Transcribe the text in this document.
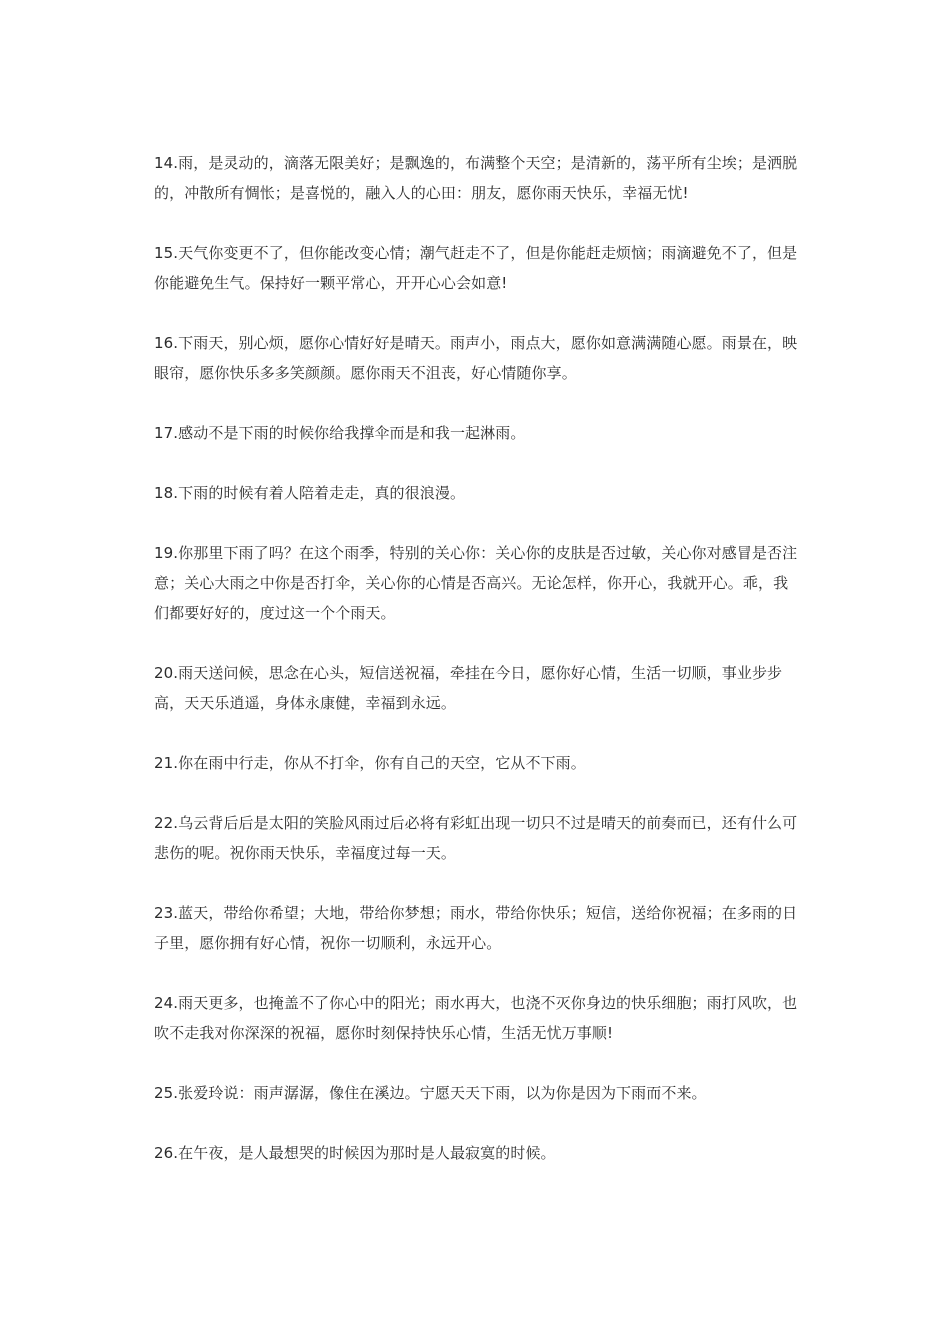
14.雨，是灵动的，滴落无限美好；是飘逸的，布满整个天空；是清新的，荡平所有尘埃；是洒脱的，冲散所有惆怅；是喜悦的，融入人的心田：朋友，愿你雨天快乐，幸福无忧!

15.天气你变更不了，但你能改变心情；潮气赶走不了，但是你能赶走烦恼；雨滴避免不了，但是你能避免生气。保持好一颗平常心，开开心心会如意!

16.下雨天，别心烦，愿你心情好好是晴天。雨声小，雨点大，愿你如意满满随心愿。雨景在，映眼帘，愿你快乐多多笑颜颜。愿你雨天不沮丧，好心情随你享。

17.感动不是下雨的时候你给我撑伞而是和我一起淋雨。

18.下雨的时候有着人陪着走走，真的很浪漫。

19.你那里下雨了吗？在这个雨季，特别的关心你：关心你的皮肤是否过敏，关心你对感冒是否注意；关心大雨之中你是否打伞，关心你的心情是否高兴。无论怎样，你开心，我就开心。乖，我们都要好好的，度过这一个个雨天。

20.雨天送问候，思念在心头，短信送祝福，牵挂在今日，愿你好心情，生活一切顺，事业步步高，天天乐逍遥，身体永康健，幸福到永远。

21.你在雨中行走，你从不打伞，你有自己的天空，它从不下雨。

22.乌云背后后是太阳的笑脸风雨过后必将有彩虹出现一切只不过是晴天的前奏而已，还有什么可悲伤的呢。祝你雨天快乐，幸福度过每一天。

23.蓝天，带给你希望；大地，带给你梦想；雨水，带给你快乐；短信，送给你祝福；在多雨的日子里，愿你拥有好心情，祝你一切顺利，永远开心。

24.雨天更多，也掩盖不了你心中的阳光；雨水再大，也浇不灭你身边的快乐细胞；雨打风吹，也吹不走我对你深深的祝福，愿你时刻保持快乐心情，生活无忧万事顺!

25.张爱玲说：雨声潺潺，像住在溪边。宁愿天天下雨，以为你是因为下雨而不来。

26.在午夜，是人最想哭的时候因为那时是人最寂寞的时候。
